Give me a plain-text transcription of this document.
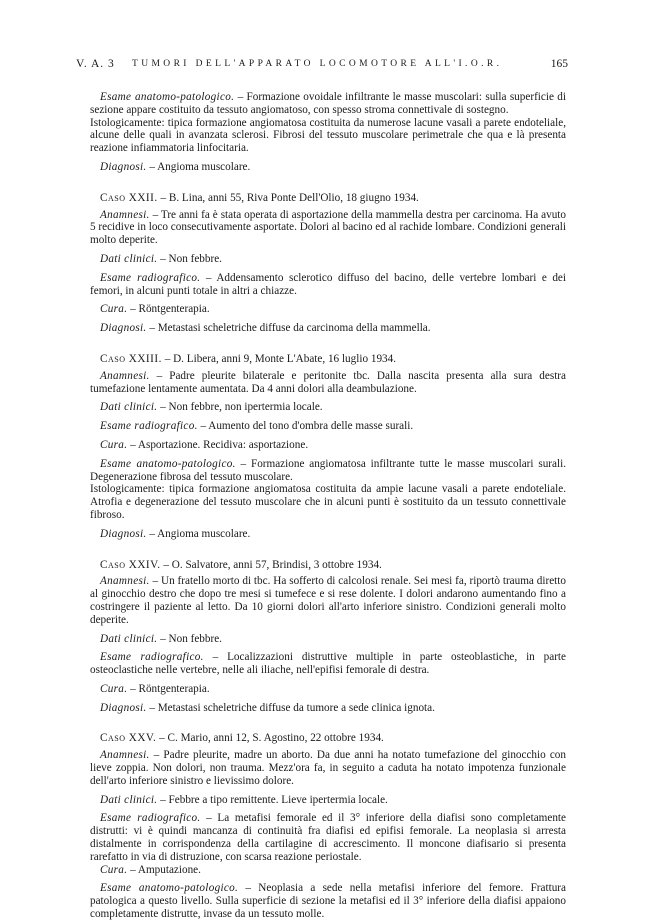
V. A. 3 TUMORI DELL'APPARATO LOCOMOTORE ALL'I.O.R.	165

Esame anatomo-patologico. – Formazione ovoidale infiltrante le masse muscolari: sulla superficie di sezione appare costituito da tessuto angiomatoso, con spesso stroma connettivale di sostegno.

Istologicamente: tipica formazione angiomatosa costituita da numerose lacune vasali a parete endoteliale, alcune delle quali in avanzata sclerosi. Fibrosi del tessuto muscolare perimetrale che qua e là presenta reazione infiammatoria linfocitaria.

Diagnosi. – Angioma muscolare.

Caso XXII. – B. Lina, anni 55, Riva Ponte Dell'Olio, 18 giugno 1934.

Anamnesi. – Tre anni fa è stata operata di asportazione della mammella destra per carcinoma. Ha avuto 5 recidive in loco consecutivamente asportate. Dolori al bacino ed al rachide lombare. Condizioni generali molto deperite.

Dati clinici. – Non febbre.

Esame radiografico. – Addensamento sclerotico diffuso del bacino, delle vertebre lombari e dei femori, in alcuni punti totale in altri a chiazze.

Cura. – Röntgenterapia.

Diagnosi. – Metastasi scheletriche diffuse da carcinoma della mammella.

Caso XXIII. – D. Libera, anni 9, Monte L'Abate, 16 luglio 1934.

Anamnesi. – Padre pleurite bilaterale e peritonite tbc. Dalla nascita presenta alla sura destra tumefazione lentamente aumentata. Da 4 anni dolori alla deambulazione.

Dati clinici. – Non febbre, non ipertermia locale.

Esame radiografico. – Aumento del tono d'ombra delle masse surali.

Cura. – Asportazione. Recidiva: asportazione.

Esame anatomo-patologico. – Formazione angiomatosa infiltrante tutte le masse muscolari surali. Degenerazione fibrosa del tessuto muscolare.

Istologicamente: tipica formazione angiomatosa costituita da ampie lacune vasali a parete endoteliale. Atrofia e degenerazione del tessuto muscolare che in alcuni punti è sostituito da un tessuto connettivale fibroso.

Diagnosi. – Angioma muscolare.

Caso XXIV. – O. Salvatore, anni 57, Brindisi, 3 ottobre 1934.

Anamnesi. – Un fratello morto di tbc. Ha sofferto di calcolosi renale. Sei mesi fa, riportò trauma diretto al ginocchio destro che dopo tre mesi si tumefece e si rese dolente. I dolori andarono aumentando fino a costringere il paziente al letto. Da 10 giorni dolori all'arto inferiore sinistro. Condizioni generali molto deperite.

Dati clinici. – Non febbre.

Esame radiografico. – Localizzazioni distruttive multiple in parte osteoblastiche, in parte osteoclastiche nelle vertebre, nelle ali iliache, nell'epifisi femorale di destra.

Cura. – Röntgenterapia.

Diagnosi. – Metastasi scheletriche diffuse da tumore a sede clinica ignota.

Caso XXV. – C. Mario, anni 12, S. Agostino, 22 ottobre 1934.

Anamnesi. – Padre pleurite, madre un aborto. Da due anni ha notato tumefazione del ginocchio con lieve zoppia. Non dolori, non trauma. Mezz'ora fa, in seguito a caduta ha notato impotenza funzionale dell'arto inferiore sinistro e lievissimo dolore.

Dati clinici. – Febbre a tipo remittente. Lieve ipertermia locale.

Esame radiografico. – La metafisi femorale ed il 3° inferiore della diafisi sono completamente distrutti: vi è quindi mancanza di continuità fra diafisi ed epifisi femorale. La neoplasia si arresta distalmente in corrispondenza della cartilagine di accrescimento. Il moncone diafisario si presenta rarefatto in via di distruzione, con scarsa reazione periostale.

Cura. – Amputazione.

Esame anatomo-patologico. – Neoplasia a sede nella metafisi inferiore del femore. Frattura patologica a questo livello. Sulla superficie di sezione la metafisi ed il 3° inferiore della diafisi appaiono completamente distrutte, invase da un tessuto molle.
